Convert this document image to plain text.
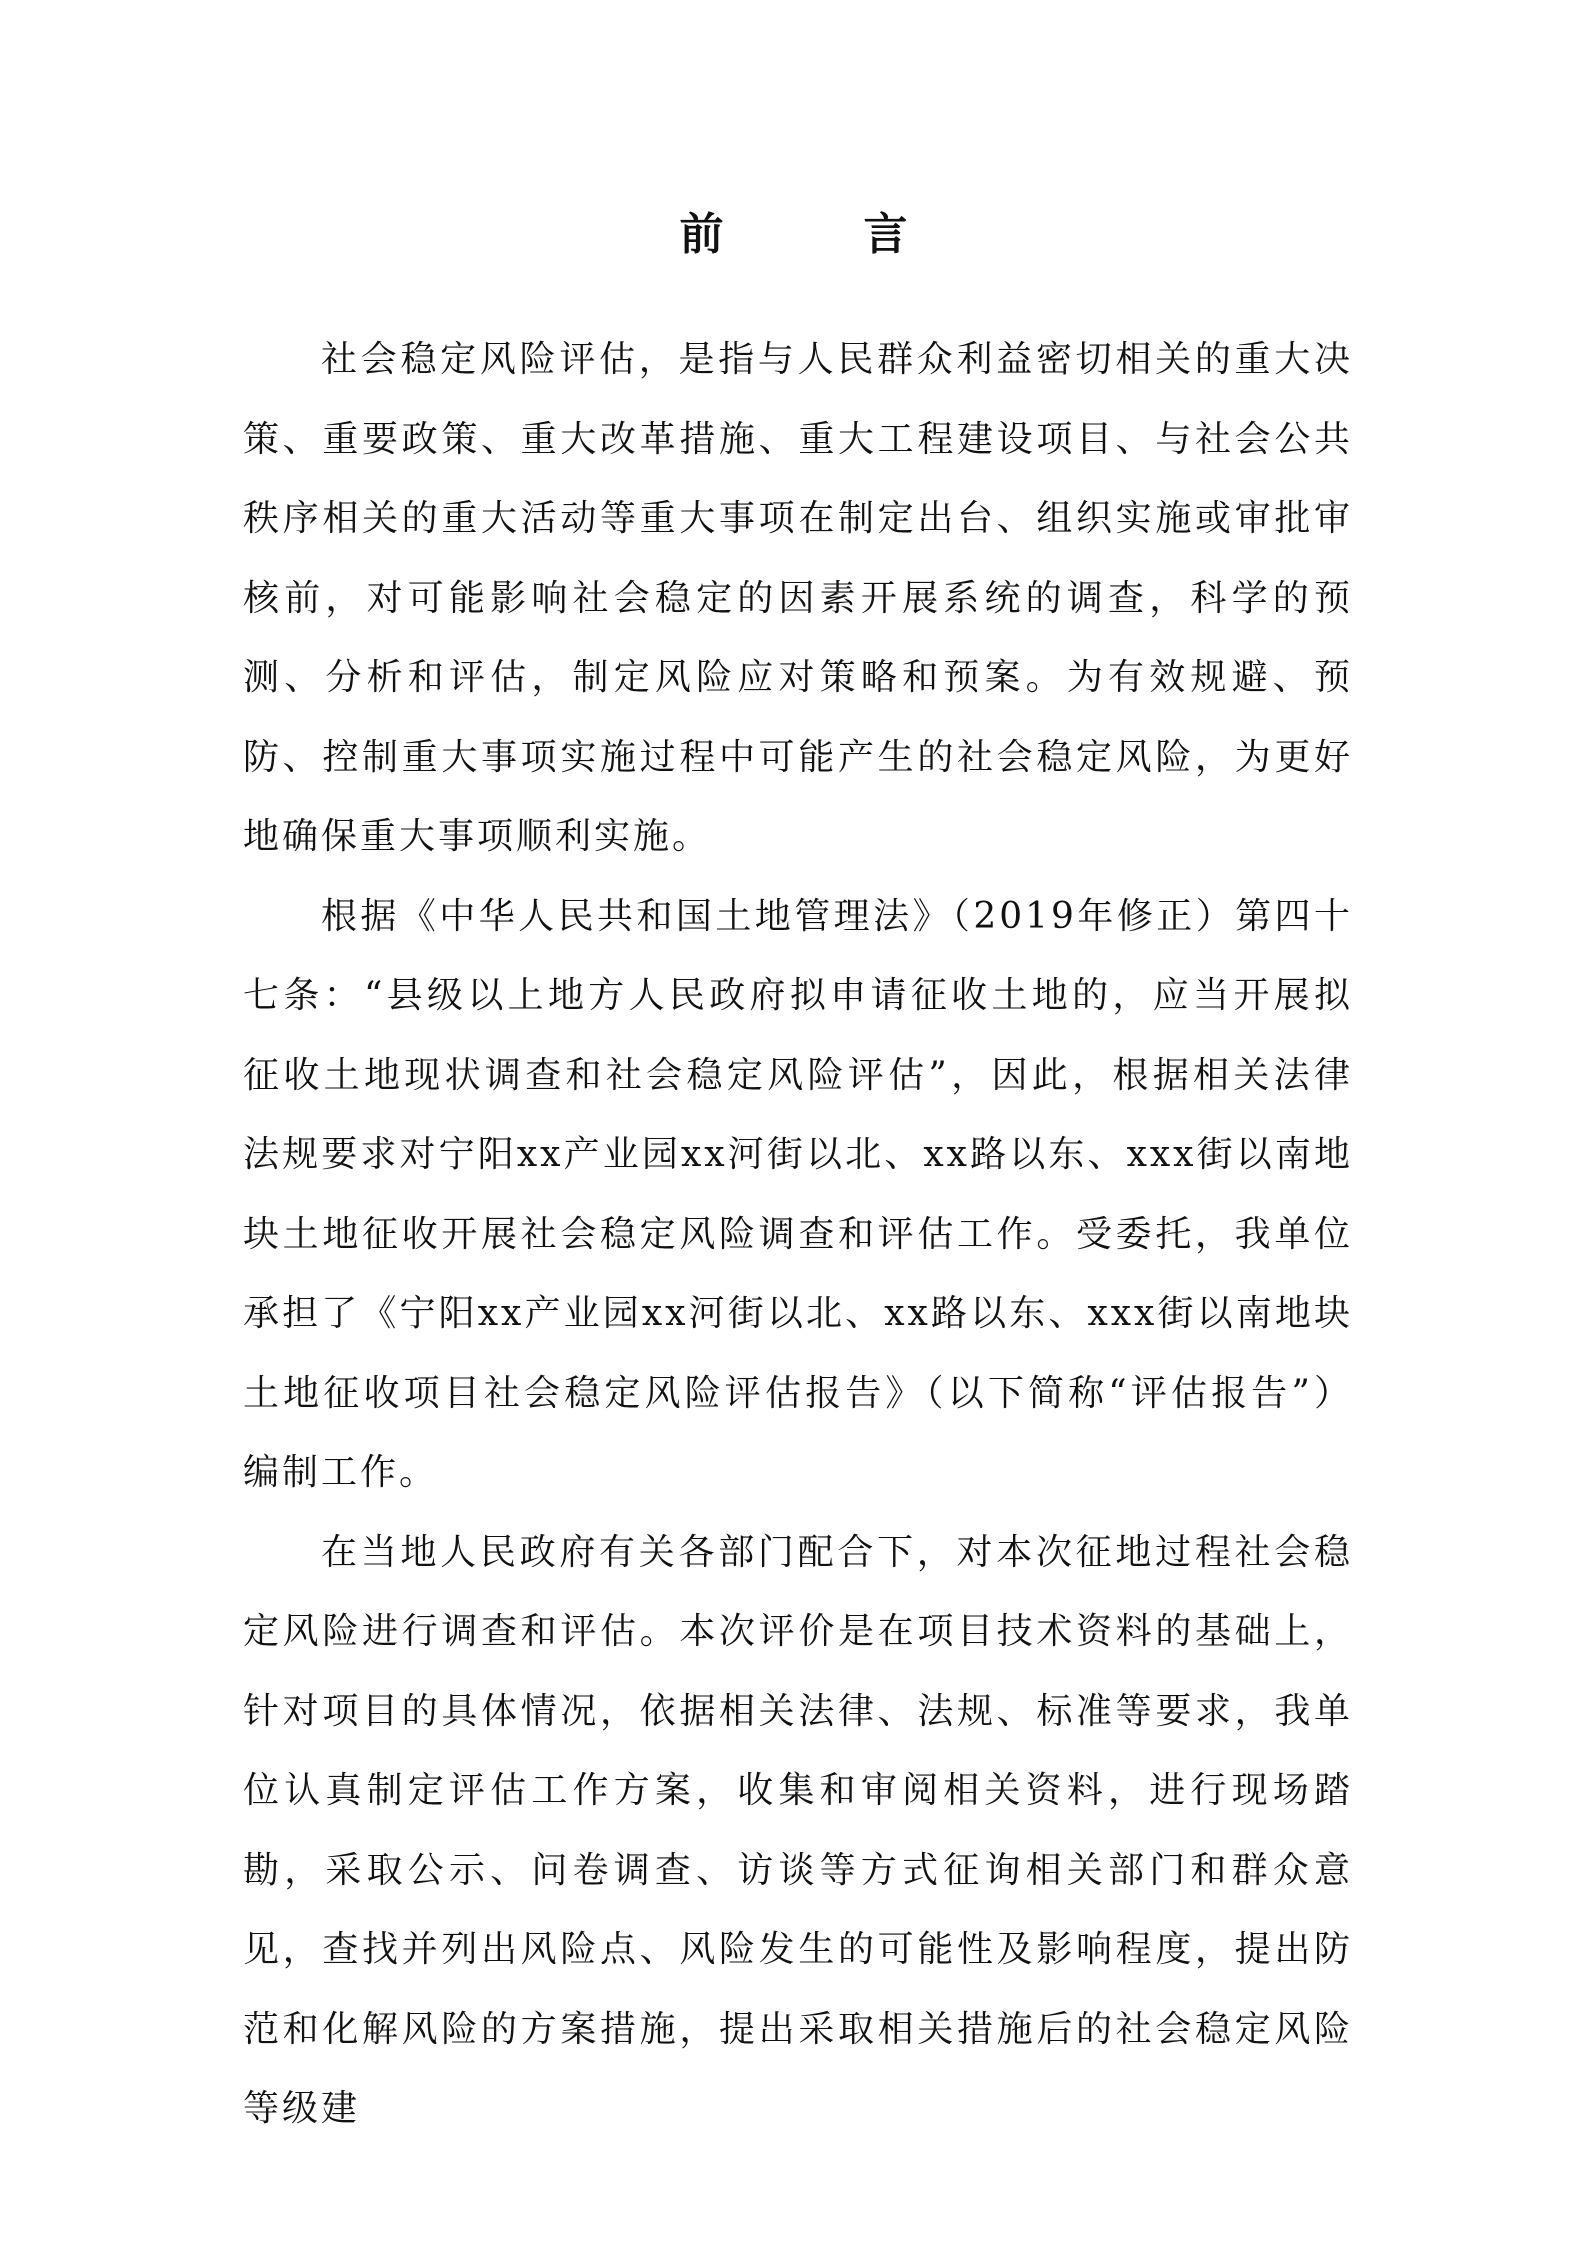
前　言

社会稳定风险评估，是指与人民群众利益密切相关的重大决策、重要政策、重大改革措施、重大工程建设项目、与社会公共秩序相关的重大活动等重大事项在制定出台、组织实施或审批审核前，对可能影响社会稳定的因素开展系统的调查，科学的预测、分析和评估，制定风险应对策略和预案。为有效规避、预防、控制重大事项实施过程中可能产生的社会稳定风险，为更好地确保重大事项顺利实施。

根据《中华人民共和国土地管理法》（2019年修正）第四十七条：“县级以上地方人民政府拟申请征收土地的，应当开展拟征收土地现状调查和社会稳定风险评估”，因此，根据相关法律法规要求对宁阳xx产业园xx河街以北、xx路以东、xxx街以南地块土地征收开展社会稳定风险调查和评估工作。受委托，我单位承担了《宁阳xx产业园xx河街以北、xx路以东、xxx街以南地块土地征收项目社会稳定风险评估报告》（以下简称“评估报告”）编制工作。

在当地人民政府有关各部门配合下，对本次征地过程社会稳定风险进行调查和评估。本次评价是在项目技术资料的基础上，针对项目的具体情况，依据相关法律、法规、标准等要求，我单位认真制定评估工作方案，收集和审阅相关资料，进行现场踏勘，采取公示、问卷调查、访谈等方式征询相关部门和群众意见，查找并列出风险点、风险发生的可能性及影响程度，提出防范和化解风险的方案措施，提出采取相关措施后的社会稳定风险等级建
